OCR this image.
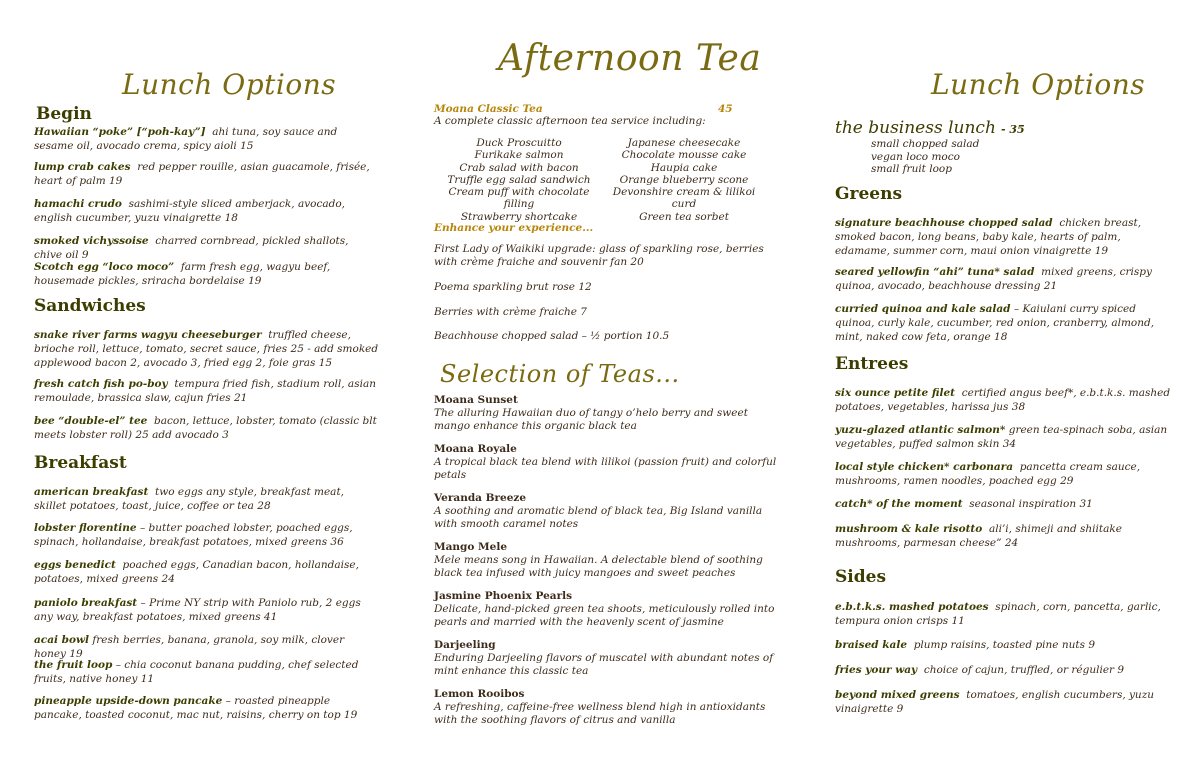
Lunch Options
Begin
Hawaiian “poke” [“poh-kay”] ahi tuna, soy sauce and sesame oil, avocado crema, spicy aioli 15
lump crab cakes red pepper rouille, asian guacamole, frisée, heart of palm 19
hamachi crudo sashimi-style sliced amberjack, avocado, english cucumber, yuzu vinaigrette 18
smoked vichyssoise charred cornbread, pickled shallots, chive oil 9
Scotch egg “loco moco” farm fresh egg, wagyu beef, housemade pickles, sriracha bordelaise 19
Sandwiches
snake river farms wagyu cheeseburger truffled cheese, brioche roll, lettuce, tomato, secret sauce, fries 25 - add smoked applewood bacon 2, avocado 3, fried egg 2, foie gras 15
fresh catch fish po-boy tempura fried fish, stadium roll, asian remoulade, brassica slaw, cajun fries 21
bee “double-el” tee bacon, lettuce, lobster, tomato (classic blt meets lobster roll) 25 add avocado 3
Breakfast
american breakfast two eggs any style, breakfast meat, skillet potatoes, toast, juice, coffee or tea 28
lobster florentine – butter poached lobster, poached eggs, spinach, hollandaise, breakfast potatoes, mixed greens 36
eggs benedict poached eggs, Canadian bacon, hollandaise, potatoes, mixed greens 24
paniolo breakfast – Prime NY strip with Paniolo rub, 2 eggs any way, breakfast potatoes, mixed greens 41
acai bowl fresh berries, banana, granola, soy milk, clover honey 19
the fruit loop – chia coconut banana pudding, chef selected fruits, native honey 11
pineapple upside-down pancake – roasted pineapple pancake, toasted coconut, mac nut, raisins, cherry on top 19
Afternoon Tea
Moana Classic Tea	45
A complete classic afternoon tea service including:
Duck Proscuitto
Furikake salmon
Crab salad with bacon
Truffle egg salad sandwich
Cream puff with chocolate filling
Strawberry shortcake
Japanese cheesecake
Chocolate mousse cake
Haupia cake
Orange blueberry scone
Devonshire cream & lilikoi curd
Green tea sorbet
Enhance your experience...
First Lady of Waikiki upgrade: glass of sparkling rose, berries with crème fraiche and souvenir fan 20
Poema sparkling brut rose 12
Berries with crème fraiche 7
Beachhouse chopped salad – ½ portion 10.5
Selection of Teas...
Moana Sunset
The alluring Hawaiian duo of tangy o’helo berry and sweet mango enhance this organic black tea
Moana Royale
A tropical black tea blend with lilikoi (passion fruit) and colorful petals
Veranda Breeze
A soothing and aromatic blend of black tea, Big Island vanilla with smooth caramel notes
Mango Mele
Mele means song in Hawaiian. A delectable blend of soothing black tea infused with juicy mangoes and sweet peaches
Jasmine Phoenix Pearls
Delicate, hand-picked green tea shoots, meticulously rolled into pearls and married with the heavenly scent of jasmine
Darjeeling
Enduring Darjeeling flavors of muscatel with abundant notes of mint enhance this classic tea
Lemon Rooibos
A refreshing, caffeine-free wellness blend high in antioxidants with the soothing flavors of citrus and vanilla
Lunch Options
the business lunch - 35
small chopped salad
vegan loco moco
small fruit loop
Greens
signature beachhouse chopped salad chicken breast, smoked bacon, long beans, baby kale, hearts of palm, edamame, summer corn, maui onion vinaigrette 19
seared yellowfin “ahi” tuna* salad mixed greens, crispy quinoa, avocado, beachhouse dressing 21
curried quinoa and kale salad – Kaiulani curry spiced quinoa, curly kale, cucumber, red onion, cranberry, almond, mint, naked cow feta, orange 18
Entrees
six ounce petite filet certified angus beef*, e.b.t.k.s. mashed potatoes, vegetables, harissa jus 38
yuzu-glazed atlantic salmon* green tea-spinach soba, asian vegetables, puffed salmon skin 34
local style chicken* carbonara pancetta cream sauce, mushrooms, ramen noodles, poached egg 29
catch* of the moment seasonal inspiration 31
mushroom & kale risotto ali’i, shimeji and shiitake mushrooms, parmesan cheese” 24
Sides
e.b.t.k.s. mashed potatoes spinach, corn, pancetta, garlic, tempura onion crisps 11
braised kale plump raisins, toasted pine nuts 9
fries your way choice of cajun, truffled, or régulier 9
beyond mixed greens tomatoes, english cucumbers, yuzu vinaigrette 9
